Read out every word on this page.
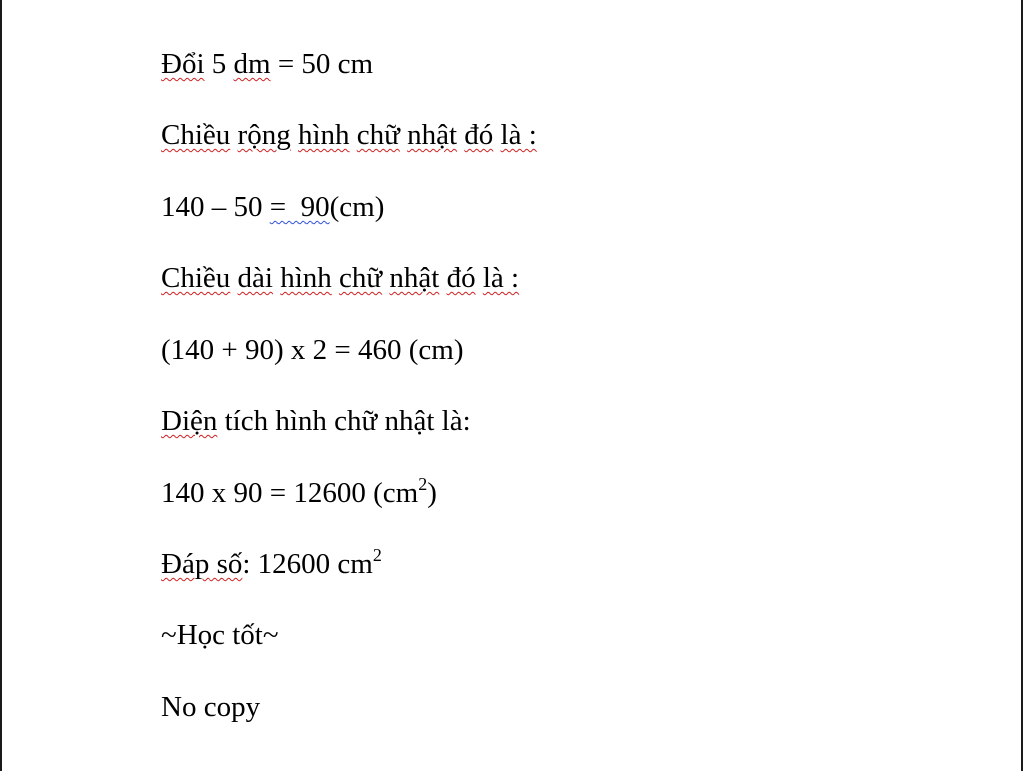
Đổi 5 dm = 50 cm
Chiều rộng hình chữ nhật đó là :
140 – 50 =  90(cm)
Chiều dài hình chữ nhật đó là :
(140 + 90) x 2 = 460 (cm)
Diện tích hình chữ nhật là:
140 x 90 = 12600 $(cm^2)$
Đáp số: 12600 $cm^2$
~Học tốt~
No copy
